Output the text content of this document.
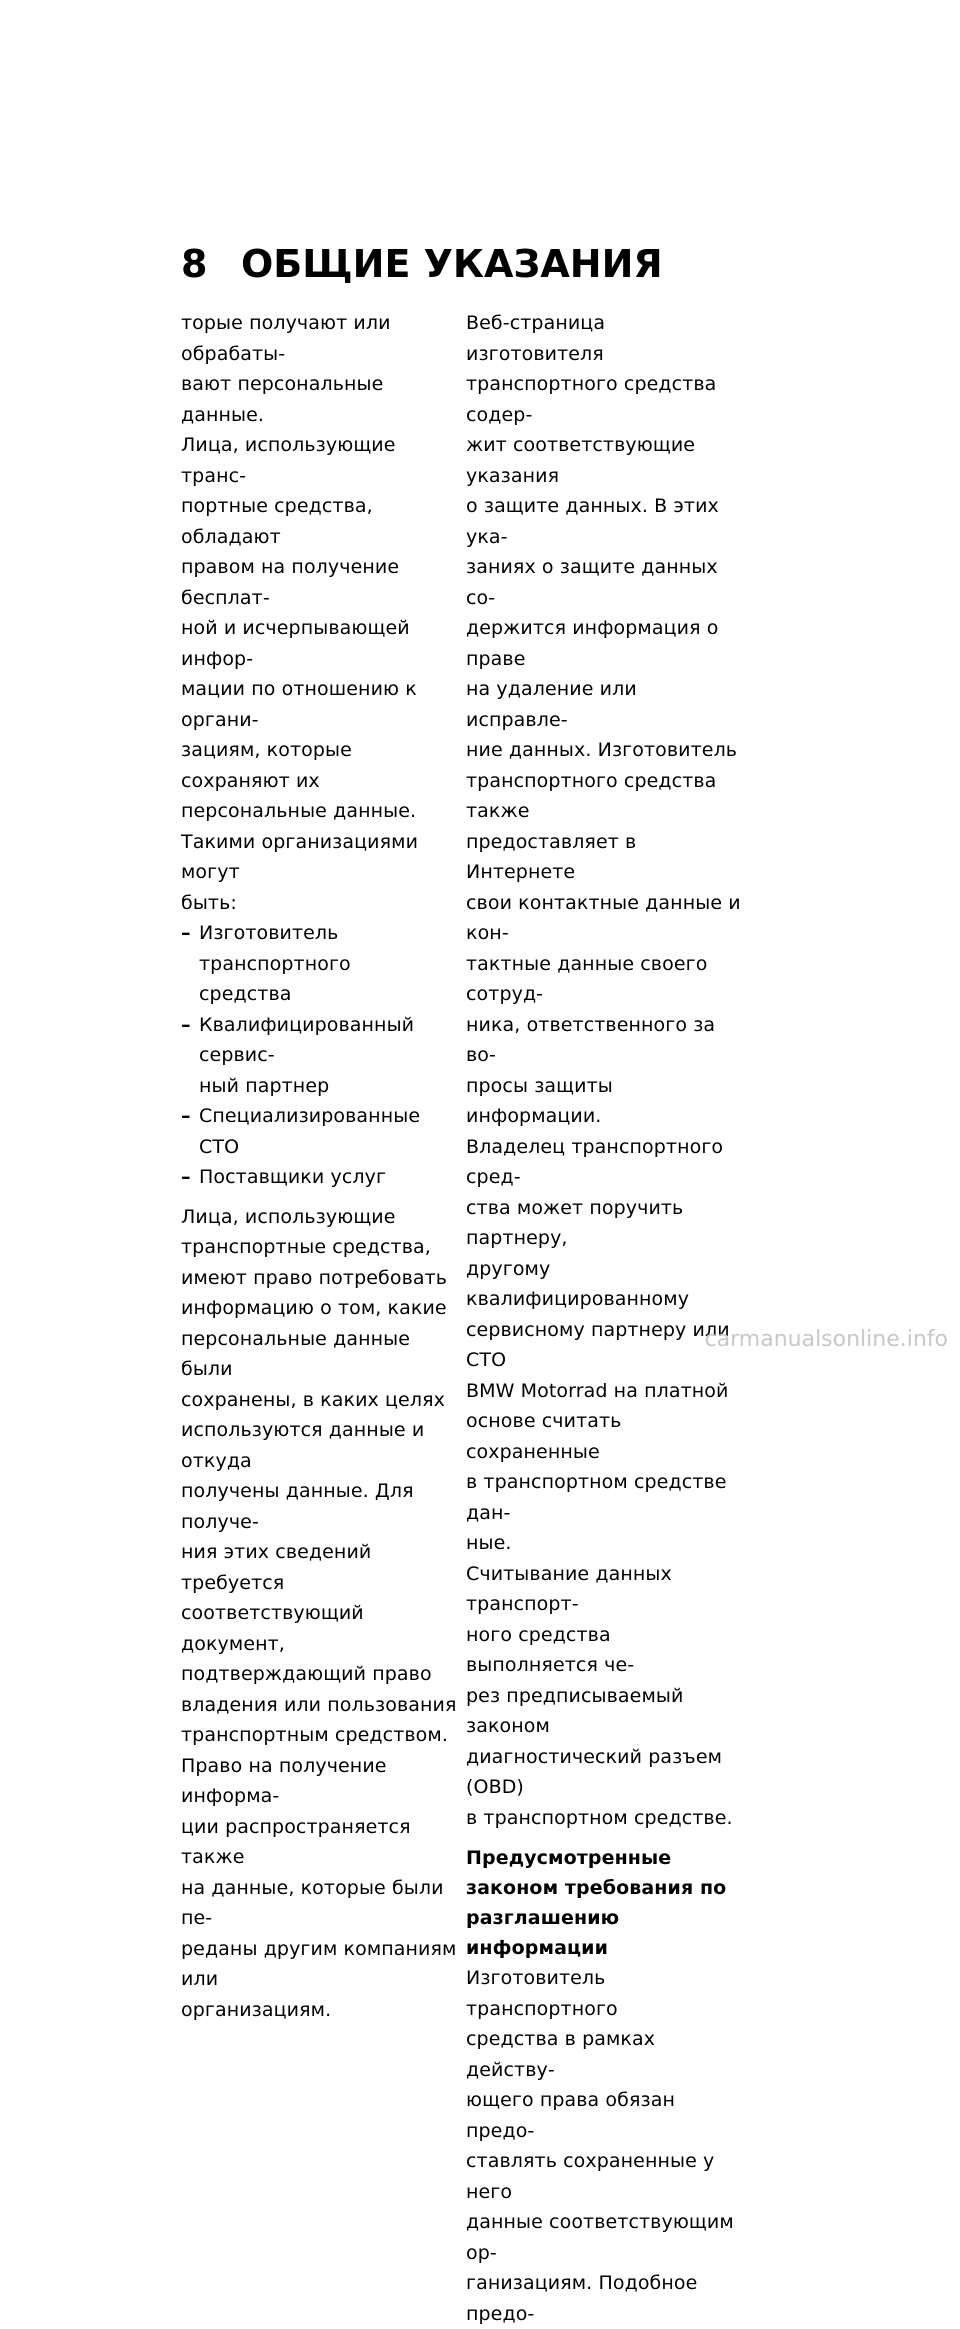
8 ОБЩИЕ УКАЗАНИЯ

торые получают или обрабаты-
вают персональные данные.
Лица, использующие транс-
портные средства, обладают
правом на получение бесплат-
ной и исчерпывающей инфор-
мации по отношению к органи-
зациям, которые сохраняют их
персональные данные.

Такими организациями могут
быть:

– Изготовитель транспортного
средства
– Квалифицированный сервис-
ный партнер
– Специализированные СТО
– Поставщики услуг

Лица, использующие
транспортные средства,
имеют право потребовать
информацию о том, какие
персональные данные были
сохранены, в каких целях
используются данные и откуда
получены данные. Для получе-
ния этих сведений требуется
соответствующий документ,
подтверждающий право
владения или пользования
транспортным средством.

Право на получение информа-
ции распространяется также
на данные, которые были пе-
реданы другим компаниям или
организациям.

Веб-страница изготовителя
транспортного средства содер-
жит соответствующие указания
о защите данных. В этих ука-
заниях о защите данных со-
держится информация о праве
на удаление или исправле-
ние данных. Изготовитель
транспортного средства также
предоставляет в Интернете
свои контактные данные и кон-
тактные данные своего сотруд-
ника, ответственного за во-
просы защиты информации.

Владелец транспортного сред-
ства может поручить партнеру,
другому квалифицированному
сервисному партнеру или СТО
BMW Motorrad на платной
основе считать сохраненные
в транспортном средстве дан-
ные.

Считывание данных транспорт-
ного средства выполняется че-
рез предписываемый законом
диагностический разъем (OBD)
в транспортном средстве.

Предусмотренные
законом требования по
разглашению информации

Изготовитель транспортного
средства в рамках действу-
ющего права обязан предо-
ставлять сохраненные у него
данные соответствующим ор-
ганизациям. Подобное предо-

carmanualsonline.info
